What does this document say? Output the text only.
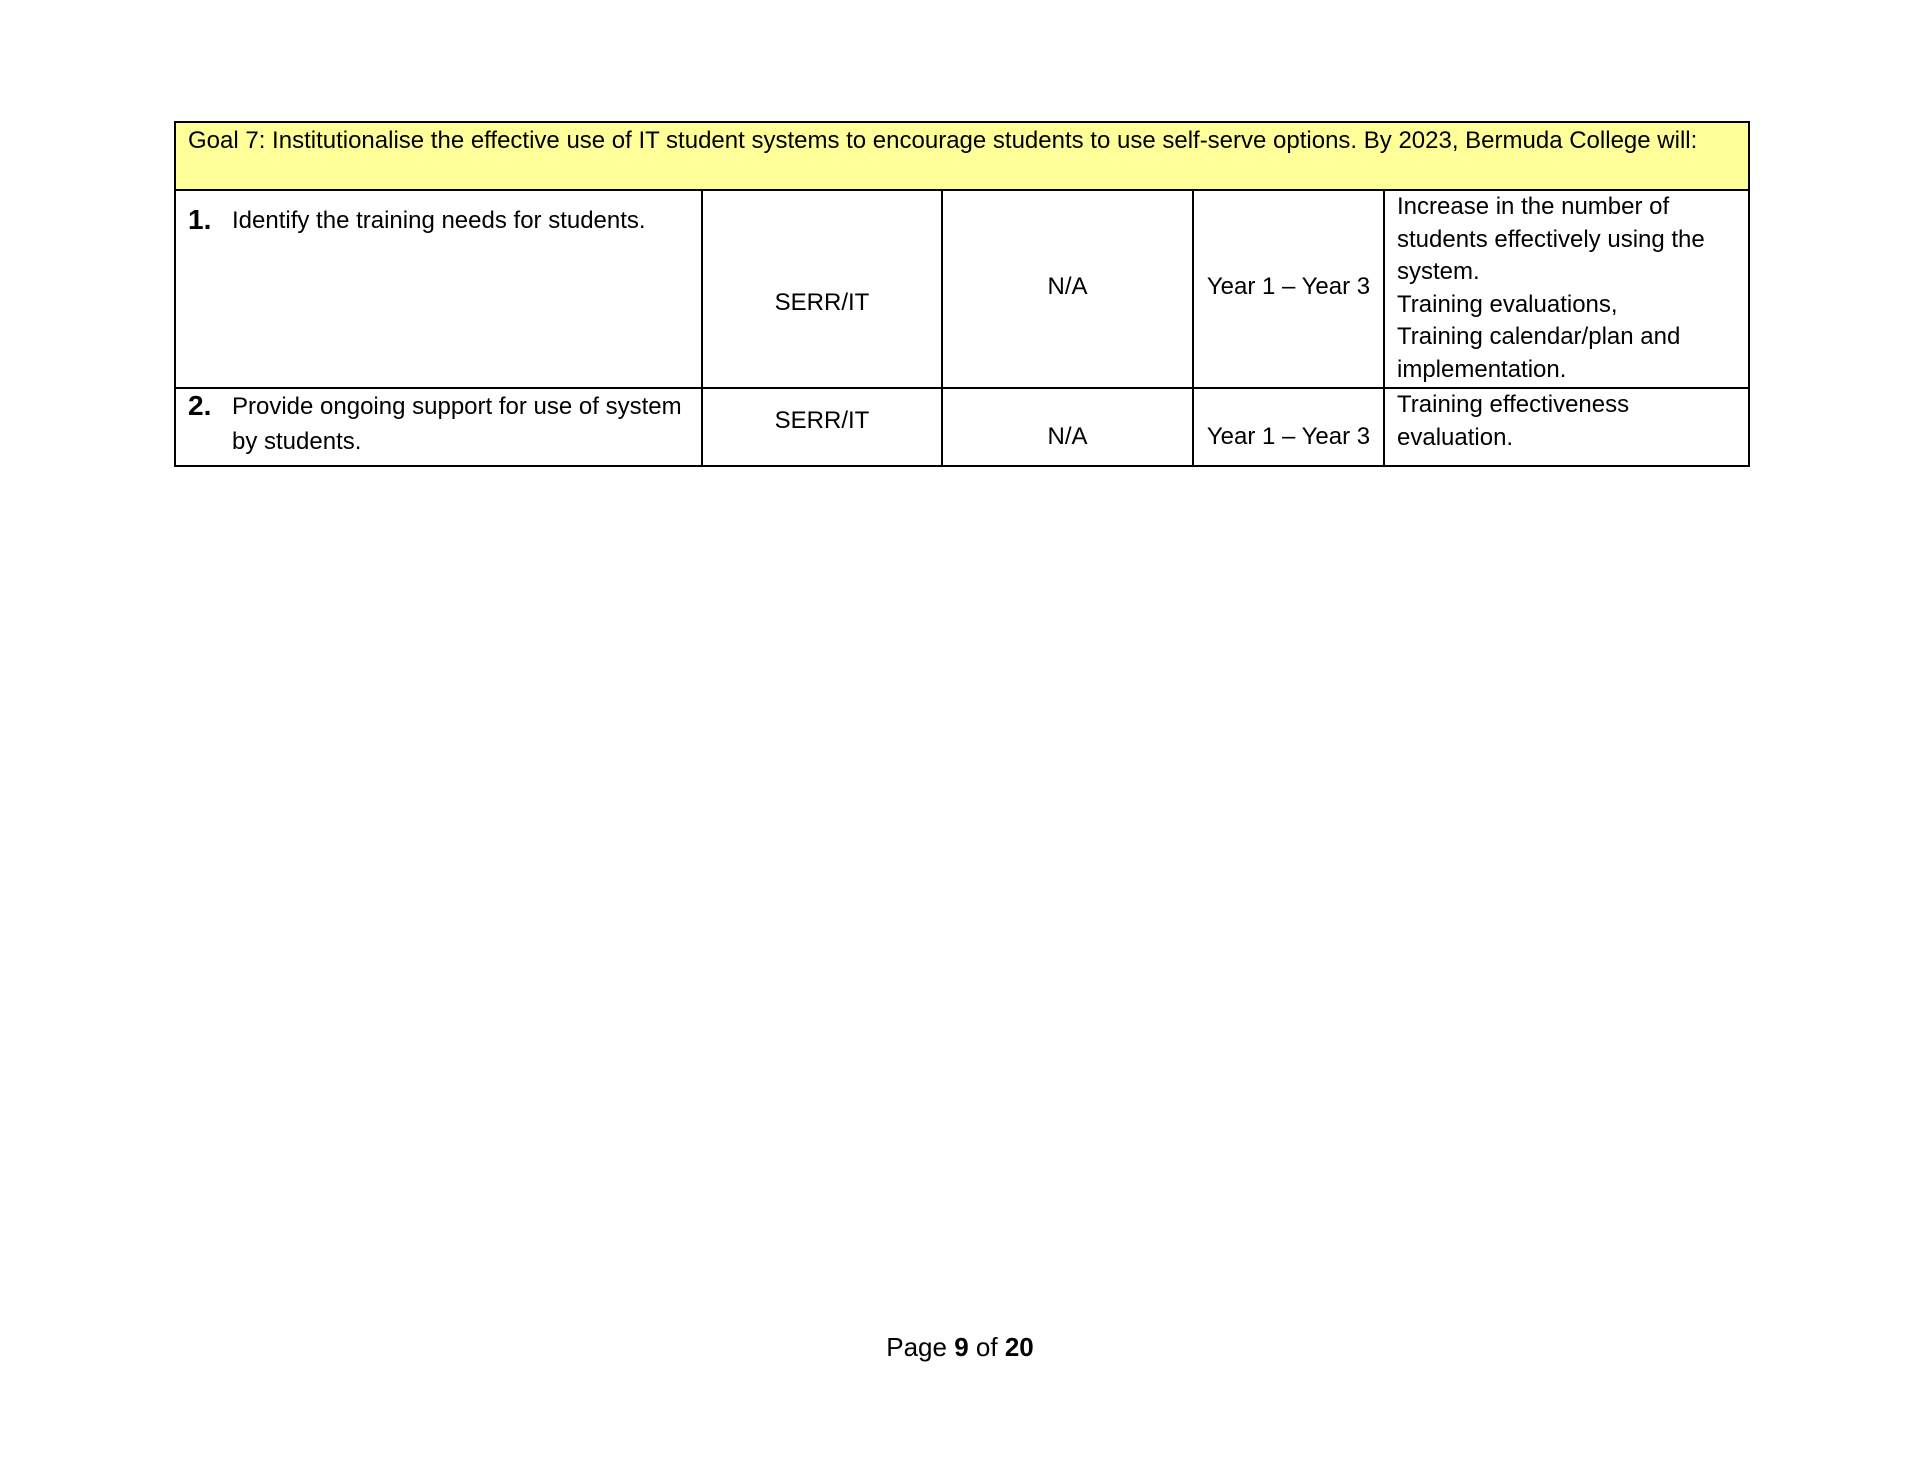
Goal 7: Institutionalise the effective use of IT student systems to encourage students to use self-serve options. By 2023, Bermuda College will:				

1. Identify the training needs for students.	SERR/IT	N/A	Year 1 – Year 3	Increase in the number of students effectively using the system.
Training evaluations,
Training calendar/plan and implementation.

2. Provide ongoing support for use of system by students.	SERR/IT	N/A	Year 1 – Year 3	Training effectiveness evaluation.
Page 9 of 20
